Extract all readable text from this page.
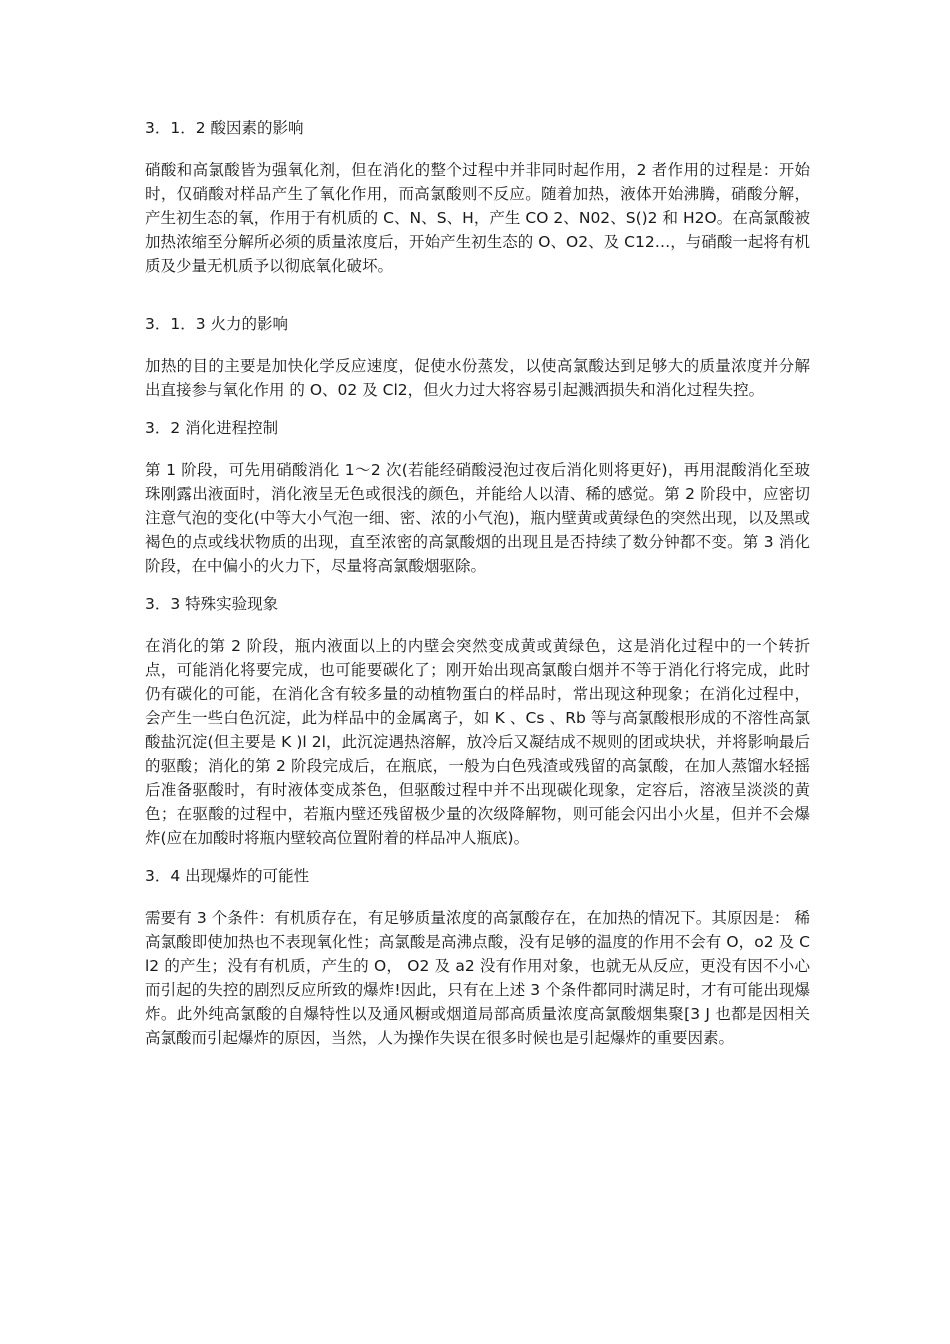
3．1．2 酸因素的影响
硝酸和高氯酸皆为强氧化剂，但在消化的整个过程中并非同时起作用，2 者作用的过程是：开始时，仅硝酸对样品产生了氧化作用，而高氯酸则不反应。随着加热，液体开始沸腾，硝酸分解，产生初生态的氧，作用于有机质的 C、N、S、H，产生 CO 2、N02、S()2 和 H2O。在高氯酸被加热浓缩至分解所必须的质量浓度后，开始产生初生态的 O、O2、及 C12…，与硝酸一起将有机质及少量无机质予以彻底氧化破坏。
3．1．3 火力的影响
加热的目的主要是加快化学反应速度，促使水份蒸发，以使高氯酸达到足够大的质量浓度并分解出直接参与氧化作用 的 O、02 及 Cl2，但火力过大将容易引起溅洒损失和消化过程失控。
3．2 消化进程控制
第 1 阶段，可先用硝酸消化 1～2 次(若能经硝酸浸泡过夜后消化则将更好)，再用混酸消化至玻珠刚露出液面时，消化液呈无色或很浅的颜色，并能给人以清、稀的感觉。第 2 阶段中，应密切注意气泡的变化(中等大小气泡一细、密、浓的小气泡)，瓶内壁黄或黄绿色的突然出现，以及黑或褐色的点或线状物质的出现，直至浓密的高氯酸烟的出现且是否持续了数分钟都不变。第 3 消化阶段，在中偏小的火力下，尽量将高氯酸烟驱除。
3．3 特殊实验现象
在消化的第 2 阶段，瓶内液面以上的内壁会突然变成黄或黄绿色，这是消化过程中的一个转折点，可能消化将要完成，也可能要碳化了；刚开始出现高氯酸白烟并不等于消化行将完成，此时仍有碳化的可能，在消化含有较多量的动植物蛋白的样品时，常出现这种现象；在消化过程中，会产生一些白色沉淀，此为样品中的金属离子，如 K 、Cs 、Rb 等与高氯酸根形成的不溶性高氯酸盐沉淀(但主要是 K )l 2l，此沉淀遇热溶解，放冷后又凝结成不规则的团或块状，并将影响最后的驱酸；消化的第 2 阶段完成后，在瓶底，一般为白色残渣或残留的高氯酸，在加人蒸馏水轻摇后准备驱酸时，有时液体变成茶色，但驱酸过程中并不出现碳化现象，定容后，溶液呈淡淡的黄色；在驱酸的过程中，若瓶内壁还残留极少量的次级降解物，则可能会闪出小火星，但并不会爆炸(应在加酸时将瓶内壁较高位置附着的样品冲人瓶底)。
3．4 出现爆炸的可能性
需要有 3 个条件：有机质存在，有足够质量浓度的高氯酸存在，在加热的情况下。其原因是： 稀高氯酸即使加热也不表现氧化性；高氯酸是高沸点酸，没有足够的温度的作用不会有 O，o2 及 Cl2 的产生；没有有机质，产生的 O， O2 及 a2 没有作用对象，也就无从反应，更没有因不小心而引起的失控的剧烈反应所致的爆炸!因此，只有在上述 3 个条件都同时满足时，才有可能出现爆炸。此外纯高氯酸的自爆特性以及通风橱或烟道局部高质量浓度高氯酸烟集聚[3 J 也都是因相关高氯酸而引起爆炸的原因，当然，人为操作失误在很多时候也是引起爆炸的重要因素。
